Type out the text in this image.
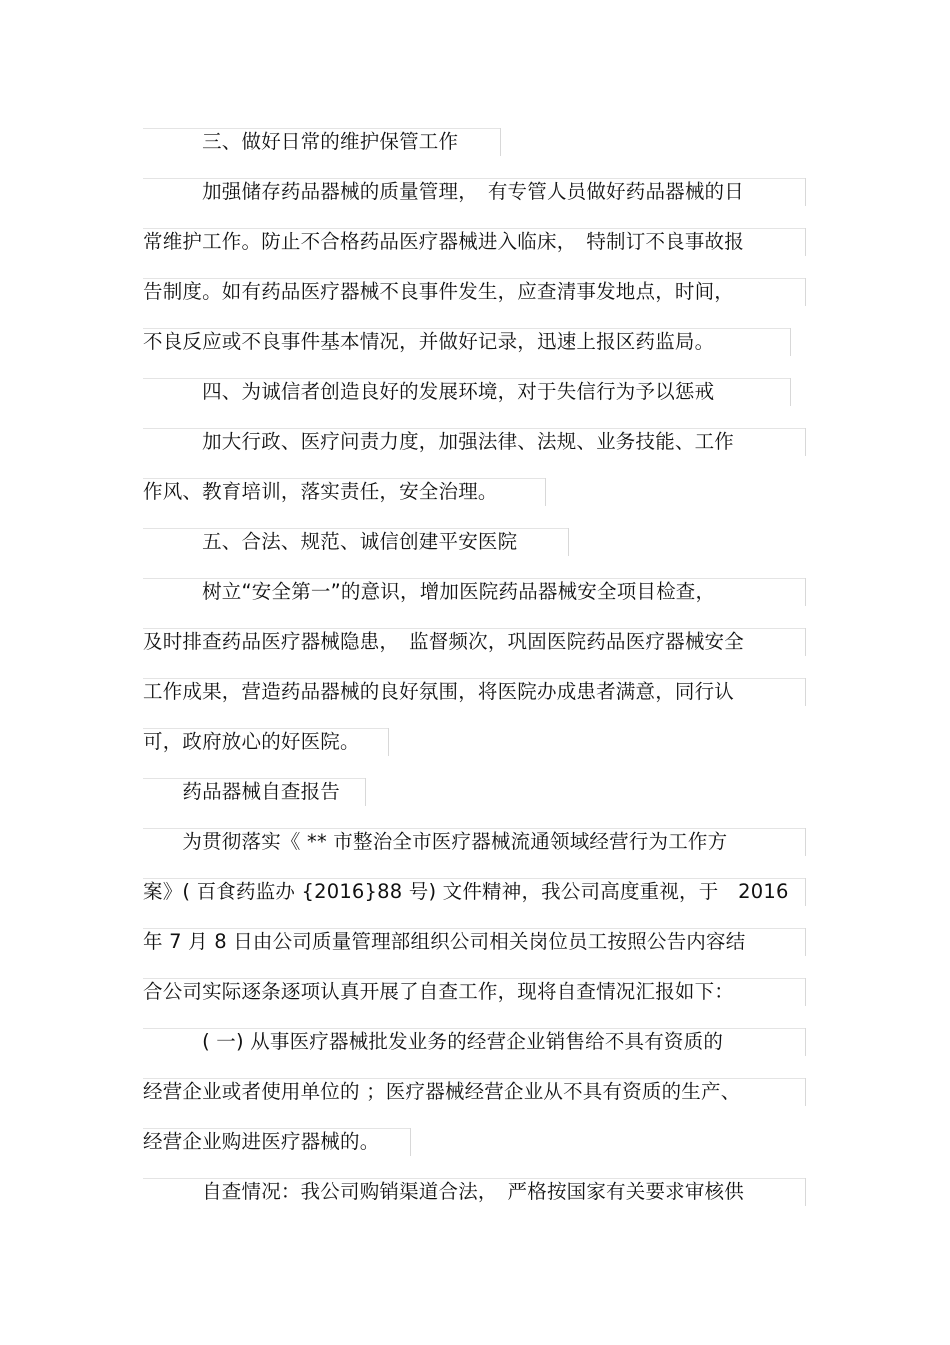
　　　三、做好日常的维护保管工作
　　　加强储存药品器械的质量管理，　有专管人员做好药品器械的日
常维护工作。防止不合格药品医疗器械进入临床，　特制订不良事故报
告制度。如有药品医疗器械不良事件发生，应查清事发地点，时间，
不良反应或不良事件基本情况，并做好记录，迅速上报区药监局。
　　　四、为诚信者创造良好的发展环境，对于失信行为予以惩戒
　　　加大行政、医疗问责力度，加强法律、法规、业务技能、工作
作风、教育培训，落实责任，安全治理。
　　　五、合法、规范、诚信创建平安医院
　　　树立“安全第一”的意识，增加医院药品器械安全项目检查，
及时排查药品医疗器械隐患，　监督频次，巩固医院药品医疗器械安全
工作成果，营造药品器械的良好氛围，将医院办成患者满意，同行认
可，政府放心的好医院。
　　药品器械自查报告
　　为贯彻落实《 ** 市整治全市医疗器械流通领域经营行为工作方
案》( 百食药监办 {2016}88 号) 文件精神，我公司高度重视，于　2016
年 7 月 8 日由公司质量管理部组织公司相关岗位员工按照公告内容结
合公司实际逐条逐项认真开展了自查工作，现将自查情况汇报如下：
　　　( 一) 从事医疗器械批发业务的经营企业销售给不具有资质的
经营企业或者使用单位的 ；医疗器械经营企业从不具有资质的生产、
经营企业购进医疗器械的。
　　　自查情况：我公司购销渠道合法，　严格按国家有关要求审核供
